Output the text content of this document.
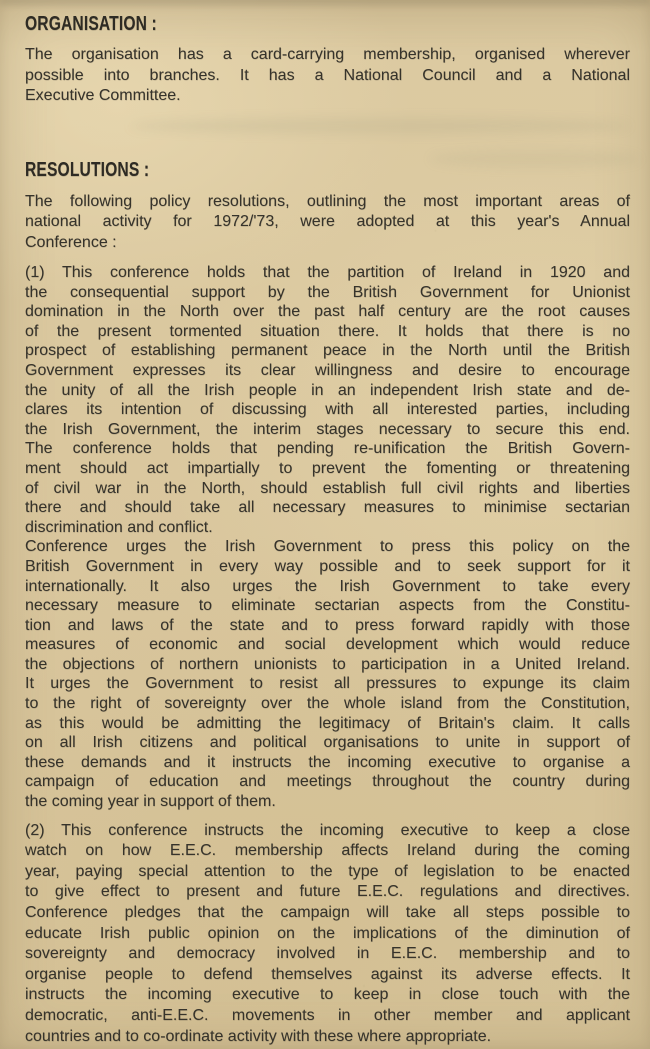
ORGANISATION :
The organisation has a card-carrying membership, organised wherever
possible into branches. It has a National Council and a National
Executive Committee.
RESOLUTIONS :
The following policy resolutions, outlining the most important areas of
national activity for 1972/'73, were adopted at this year's Annual
Conference :
(1) This conference holds that the partition of Ireland in 1920 and
the consequential support by the British Government for Unionist
domination in the North over the past half century are the root causes
of the present tormented situation there. It holds that there is no
prospect of establishing permanent peace in the North until the British
Government expresses its clear willingness and desire to encourage
the unity of all the Irish people in an independent Irish state and de-
clares its intention of discussing with all interested parties, including
the Irish Government, the interim stages necessary to secure this end.
The conference holds that pending re-unification the British Govern-
ment should act impartially to prevent the fomenting or threatening
of civil war in the North, should establish full civil rights and liberties
there and should take all necessary measures to minimise sectarian
discrimination and conflict.
Conference urges the Irish Government to press this policy on the
British Government in every way possible and to seek support for it
internationally. It also urges the Irish Government to take every
necessary measure to eliminate sectarian aspects from the Constitu-
tion and laws of the state and to press forward rapidly with those
measures of economic and social development which would reduce
the objections of northern unionists to participation in a United Ireland.
It urges the Government to resist all pressures to expunge its claim
to the right of sovereignty over the whole island from the Constitution,
as this would be admitting the legitimacy of Britain's claim. It calls
on all Irish citizens and political organisations to unite in support of
these demands and it instructs the incoming executive to organise a
campaign of education and meetings throughout the country during
the coming year in support of them.
(2) This conference instructs the incoming executive to keep a close
watch on how E.E.C. membership affects Ireland during the coming
year, paying special attention to the type of legislation to be enacted
to give effect to present and future E.E.C. regulations and directives.
Conference pledges that the campaign will take all steps possible to
educate Irish public opinion on the implications of the diminution of
sovereignty and democracy involved in E.E.C. membership and to
organise people to defend themselves against its adverse effects. It
instructs the incoming executive to keep in close touch with the
democratic, anti-E.E.C. movements in other member and applicant
countries and to co-ordinate activity with these where appropriate.
